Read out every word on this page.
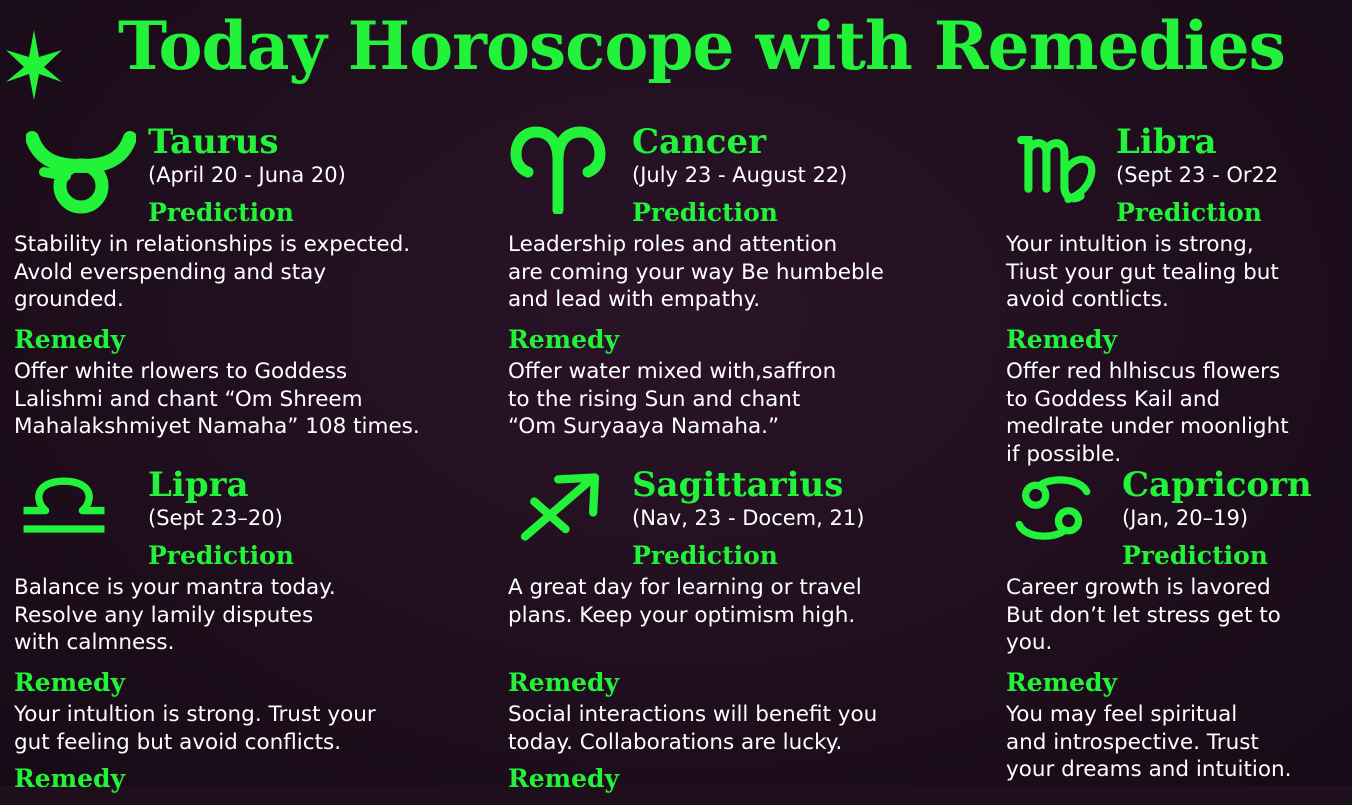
Today Horoscope with Remedies
Taurus
(April 20 - Juna 20)
Prediction
Stability in relationships is expected.
Avold everspending and stay
grounded.
Remedy
Offer white rlowers to Goddess
Lalishmi and chant “Om Shreem
Mahalakshmiyet Namaha” 108 times.
Cancer
(July 23 - August 22)
Prediction
Leadership roles and attention
are coming your way Be humbeble
and lead with empathy.
Remedy
Offer water mixed with,saffron
to the rising Sun and chant
“Om Suryaaya Namaha.”
Libra
(Sept 23 - Or22
Prediction
Your intultion is strong,
Tiust your gut tealing but
avoid contlicts.
Remedy
Offer red hlhiscus flowers
to Goddess Kail and
medlrate under moonlight
if possible.
Lipra
(Sept 23–20)
Prediction
Balance is your mantra today.
Resolve any lamily disputes
with calmness.
Remedy
Your intultion is strong. Trust your
gut feeling but avoid conflicts.
Remedy
Sagittarius
(Nav, 23 - Docem, 21)
Prediction
A great day for learning or travel
plans. Keep your optimism high.
Remedy
Social interactions will benefit you
today. Collaborations are lucky.
Remedy
Capricorn
(Jan, 20–19)
Prediction
Career growth is lavored
But don’t let stress get to
you.
Remedy
You may feel spiritual
and introspective. Trust
your dreams and intuition.
